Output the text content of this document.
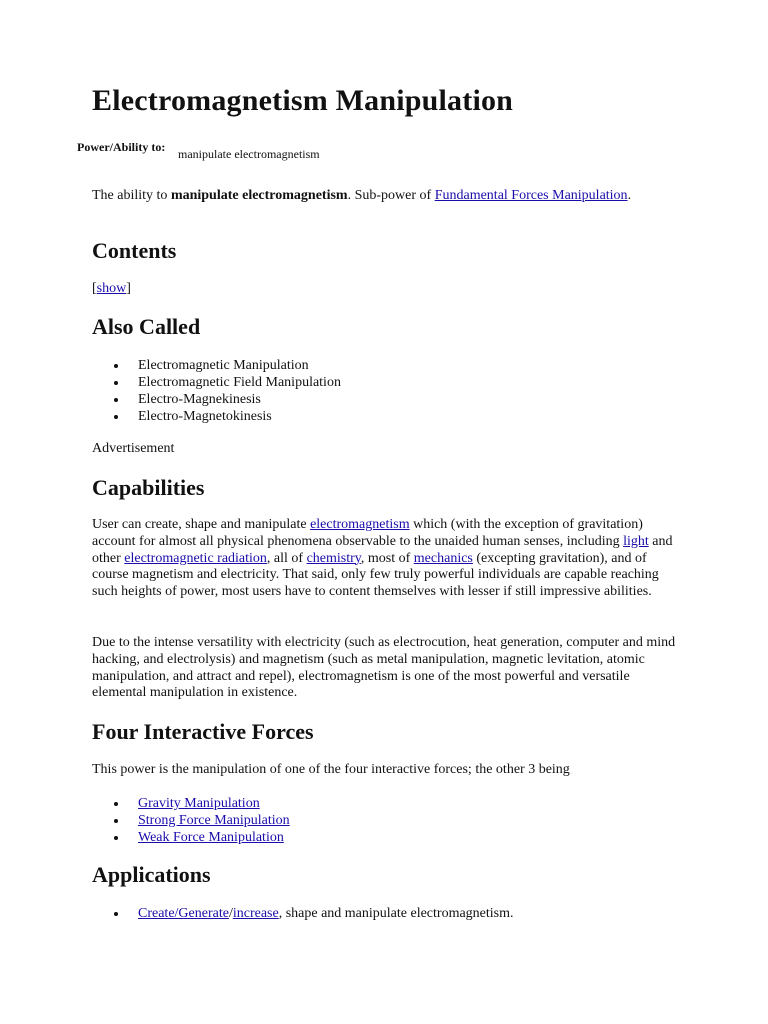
Electromagnetism Manipulation
Power/Ability to: manipulate electromagnetism

The ability to manipulate electromagnetism. Sub-power of Fundamental Forces Manipulation.

Contents
[show]
Also Called
Electromagnetic Manipulation
Electromagnetic Field Manipulation
Electro-Magnekinesis
Electro-Magnetokinesis
Advertisement
Capabilities

User can create, shape and manipulate electromagnetism which (with the exception of gravitation) account for almost all physical phenomena observable to the unaided human senses, including light and other electromagnetic radiation, all of chemistry, most of mechanics (excepting gravitation), and of course magnetism and electricity. That said, only few truly powerful individuals are capable reaching such heights of power, most users have to content themselves with lesser if still impressive abilities.

Due to the intense versatility with electricity (such as electrocution, heat generation, computer and mind hacking, and electrolysis) and magnetism (such as metal manipulation, magnetic levitation, atomic manipulation, and attract and repel), electromagnetism is one of the most powerful and versatile elemental manipulation in existence.

Four Interactive Forces

This power is the manipulation of one of the four interactive forces; the other 3 being

Gravity Manipulation
Strong Force Manipulation
Weak Force Manipulation
Applications
Create/Generate/increase, shape and manipulate electromagnetism.
